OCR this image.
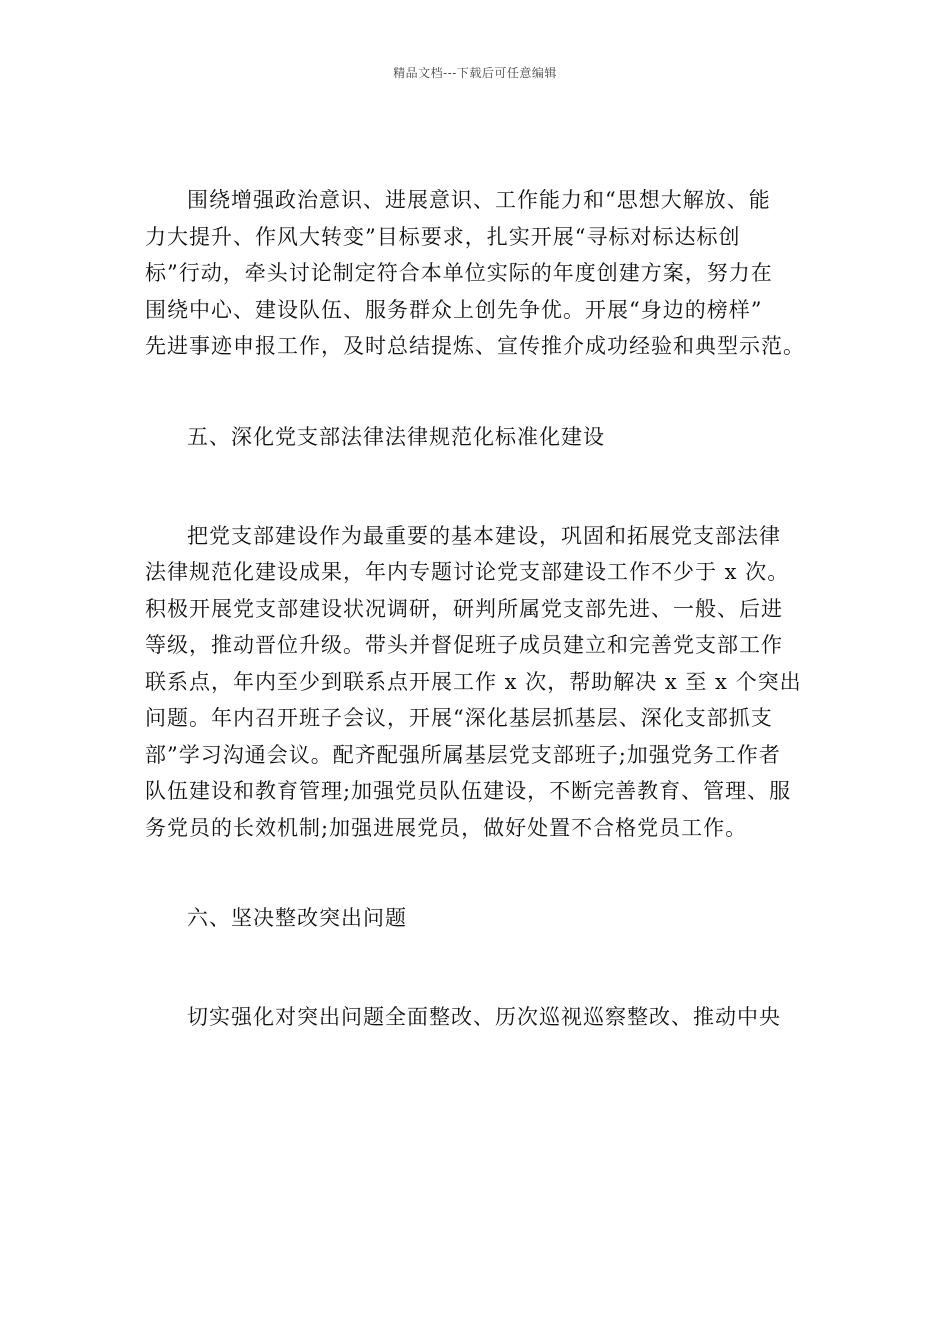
精品文档---下载后可任意编辑
围绕增强政治意识、进展意识、工作能力和“思想大解放、能
力大提升、作风大转变”目标要求，扎实开展“寻标对标达标创
标”行动，牵头讨论制定符合本单位实际的年度创建方案，努力在
围绕中心、建设队伍、服务群众上创先争优。开展“身边的榜样”
先进事迹申报工作，及时总结提炼、宣传推介成功经验和典型示范。
五、深化党支部法律法律规范化标准化建设
把党支部建设作为最重要的基本建设，巩固和拓展党支部法律
法律规范化建设成果，年内专题讨论党支部建设工作不少于 x 次。
积极开展党支部建设状况调研，研判所属党支部先进、一般、后进
等级，推动晋位升级。带头并督促班子成员建立和完善党支部工作
联系点，年内至少到联系点开展工作 x 次，帮助解决 x 至 x 个突出
问题。年内召开班子会议，开展“深化基层抓基层、深化支部抓支
部”学习沟通会议。配齐配强所属基层党支部班子;加强党务工作者
队伍建设和教育管理;加强党员队伍建设，不断完善教育、管理、服
务党员的长效机制;加强进展党员，做好处置不合格党员工作。
六、坚决整改突出问题
切实强化对突出问题全面整改、历次巡视巡察整改、推动中央
